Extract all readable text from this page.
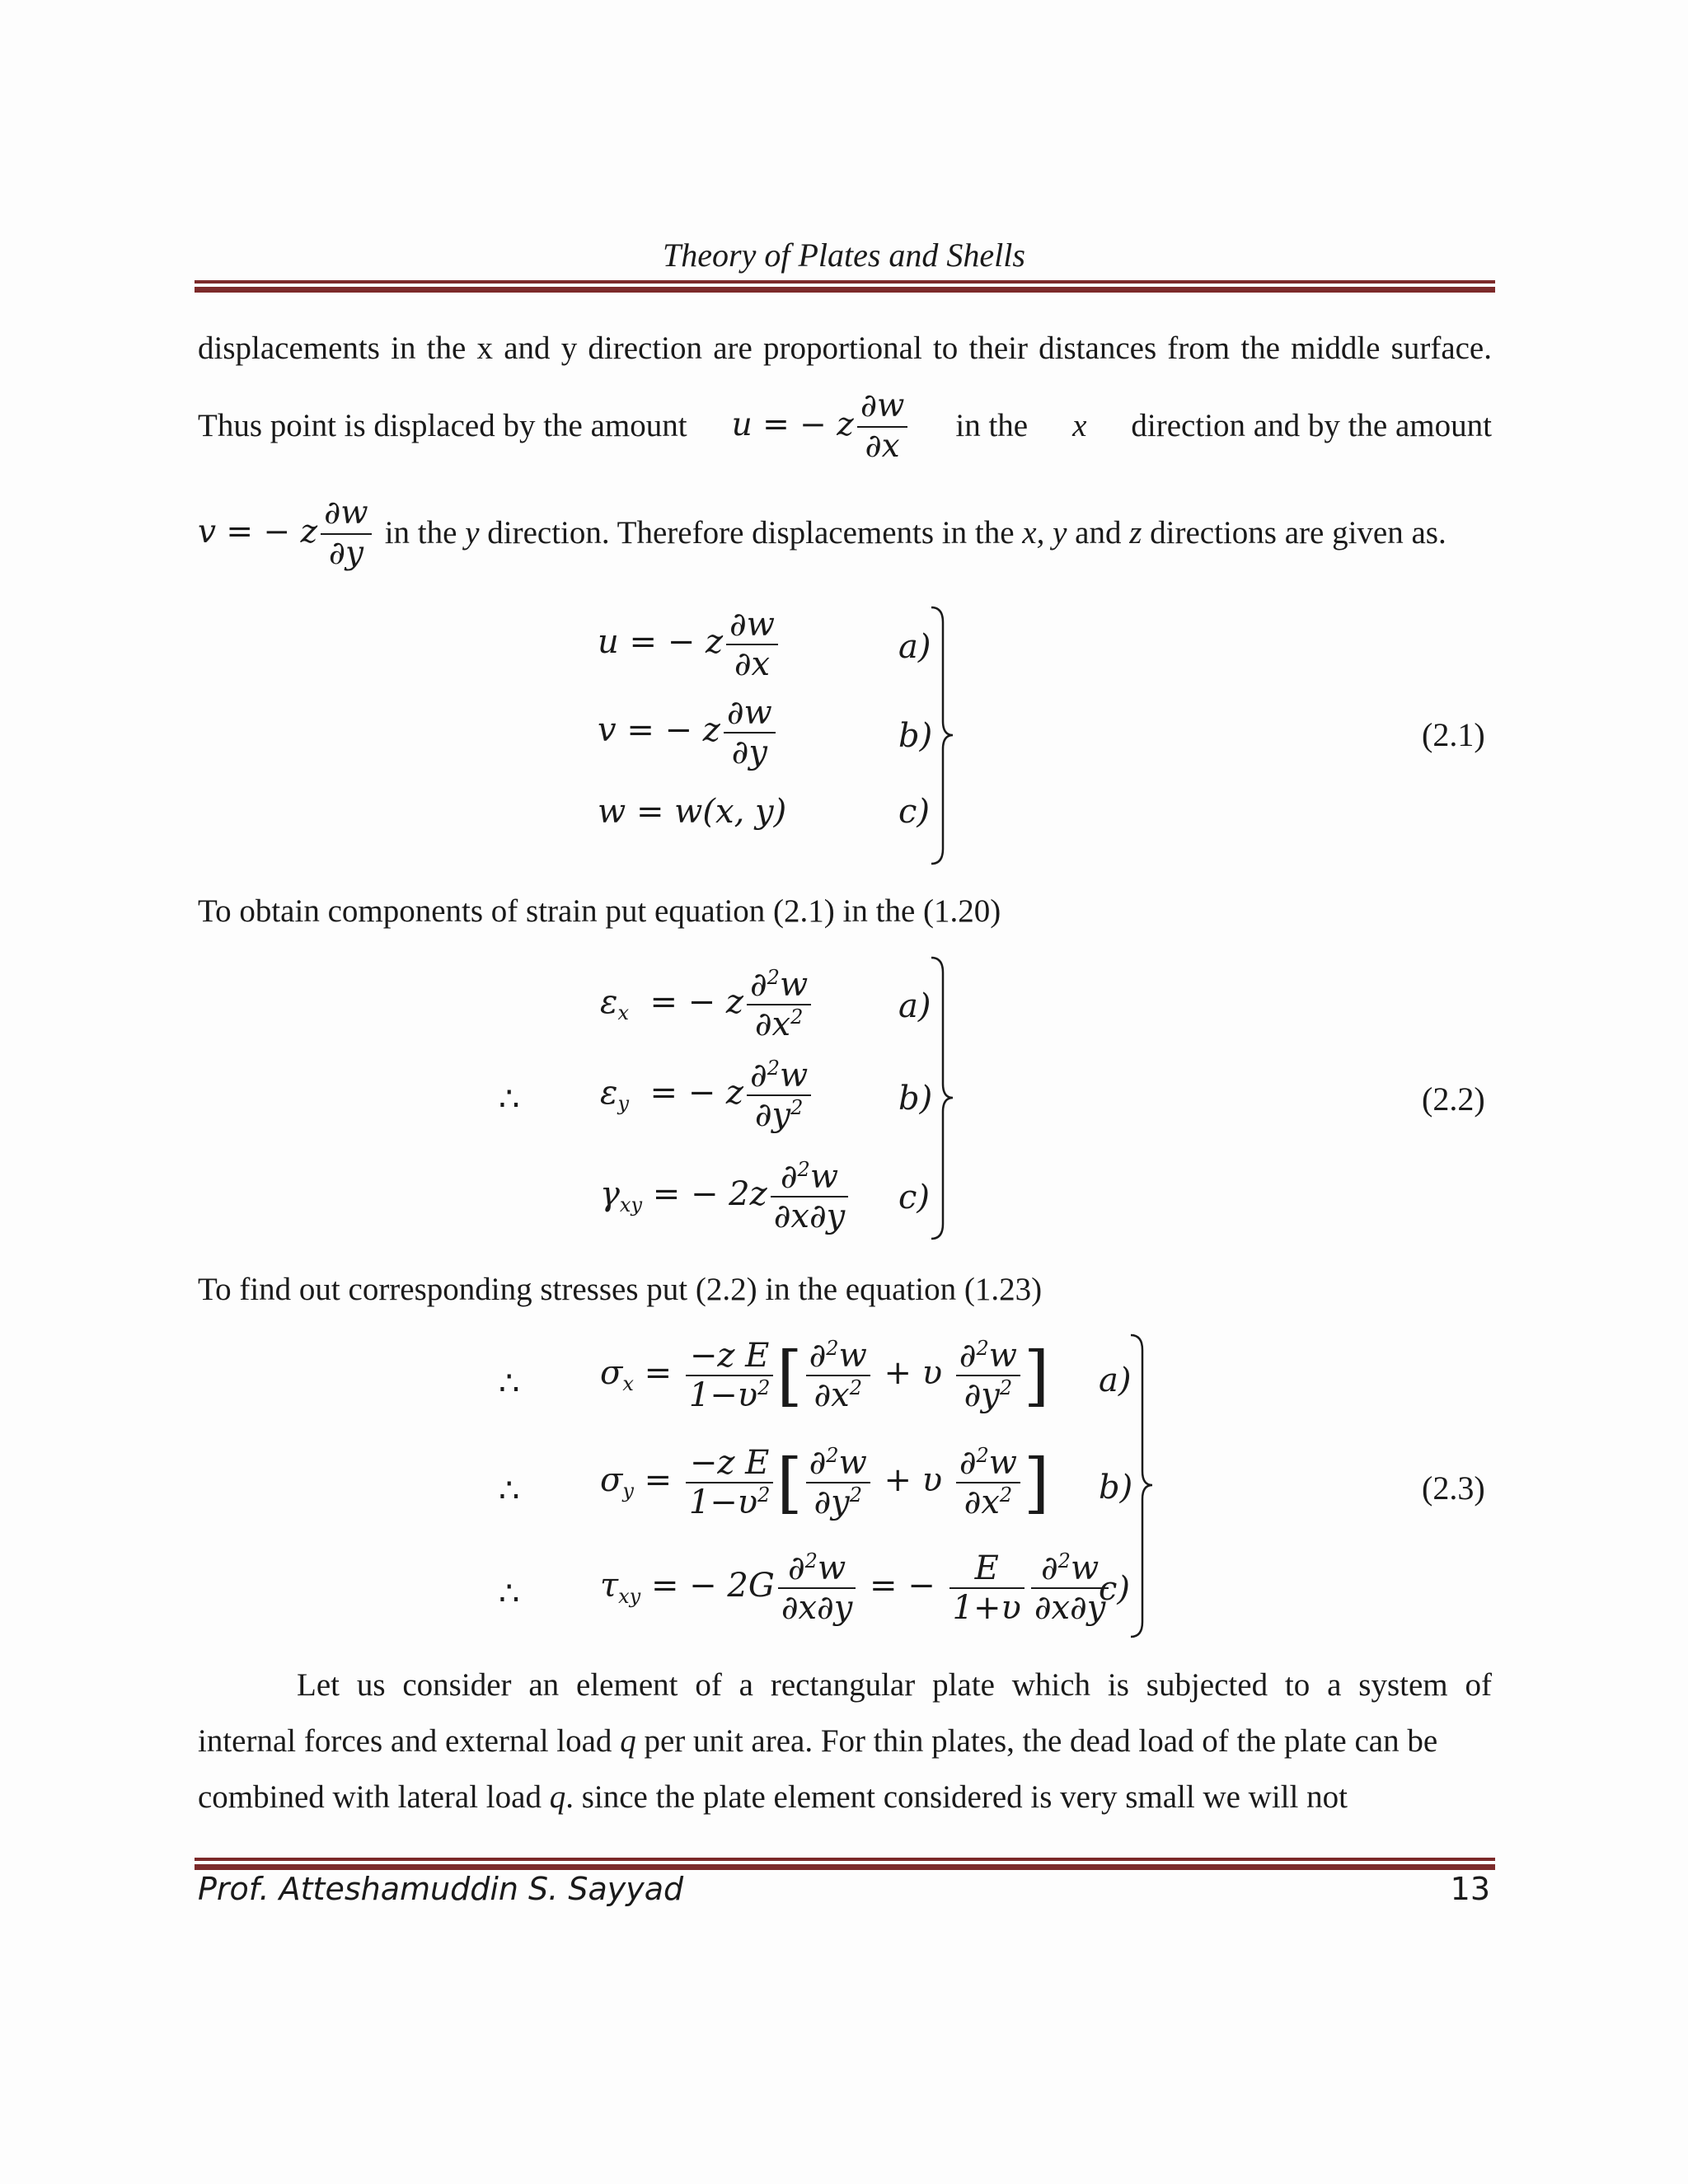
Theory of Plates and Shells
displacements in the x and y direction are proportional to their distances from the middle surface.
Thus point is displaced by the amount u = − z $\frac{\partial w}{\partial x}$ in the x direction and by the amount
v = − z $\frac{\partial w}{\partial y}$ in the y direction. Therefore displacements in the x, y and z directions are given as.
u = − z $\frac{\partial w}{\partial x}$	a)
v = − z $\frac{\partial w}{\partial y}$	b)
w = w(x, y)	c)
(2.1)
To obtain components of strain put equation (2.1) in the (1.20)
$\varepsilon_x$  = − z $\frac{\partial^2w}{\partial x^2}$	a)
∴ $\varepsilon_y$  = − z $\frac{\partial^2w}{\partial y^2}$	b)
$\gamma_{xy}$ = − $2z \frac{\partial^2w}{\partial x\partial y} c$)
(2.2)
To find out corresponding stresses put (2.2) in the equation (1.23)
∴ $\sigma_x = \frac{\text{−z E}}{1-\upsilon^2}$ [ $\frac{\partial^2w}{\partial x^2} + \upsilon \frac{\partial^2w}{\partial y^2}$ ] a)
∴ $\sigma_y = \frac{\text{−z E}}{1-\upsilon^2}$ [ $\frac{\partial^2w}{\partial y^2} + \upsilon \frac{\partial^2w}{\partial x^2}$ ] b)
∴ $\tau_{xy}$ = − $2G \frac{\partial^2w}{\partial x\partial y}$ = − $\frac{E}{1+\upsilon} \frac{\partial^2w}{\partial x\partial y}$
c)
(2.3)
Let us consider an element of a rectangular plate which is subjected to a system of
internal forces and external load q per unit area. For thin plates, the dead load of the plate can be
combined with lateral load q. since the plate element considered is very small we will not
Prof. Atteshamuddin S. Sayyad	13
